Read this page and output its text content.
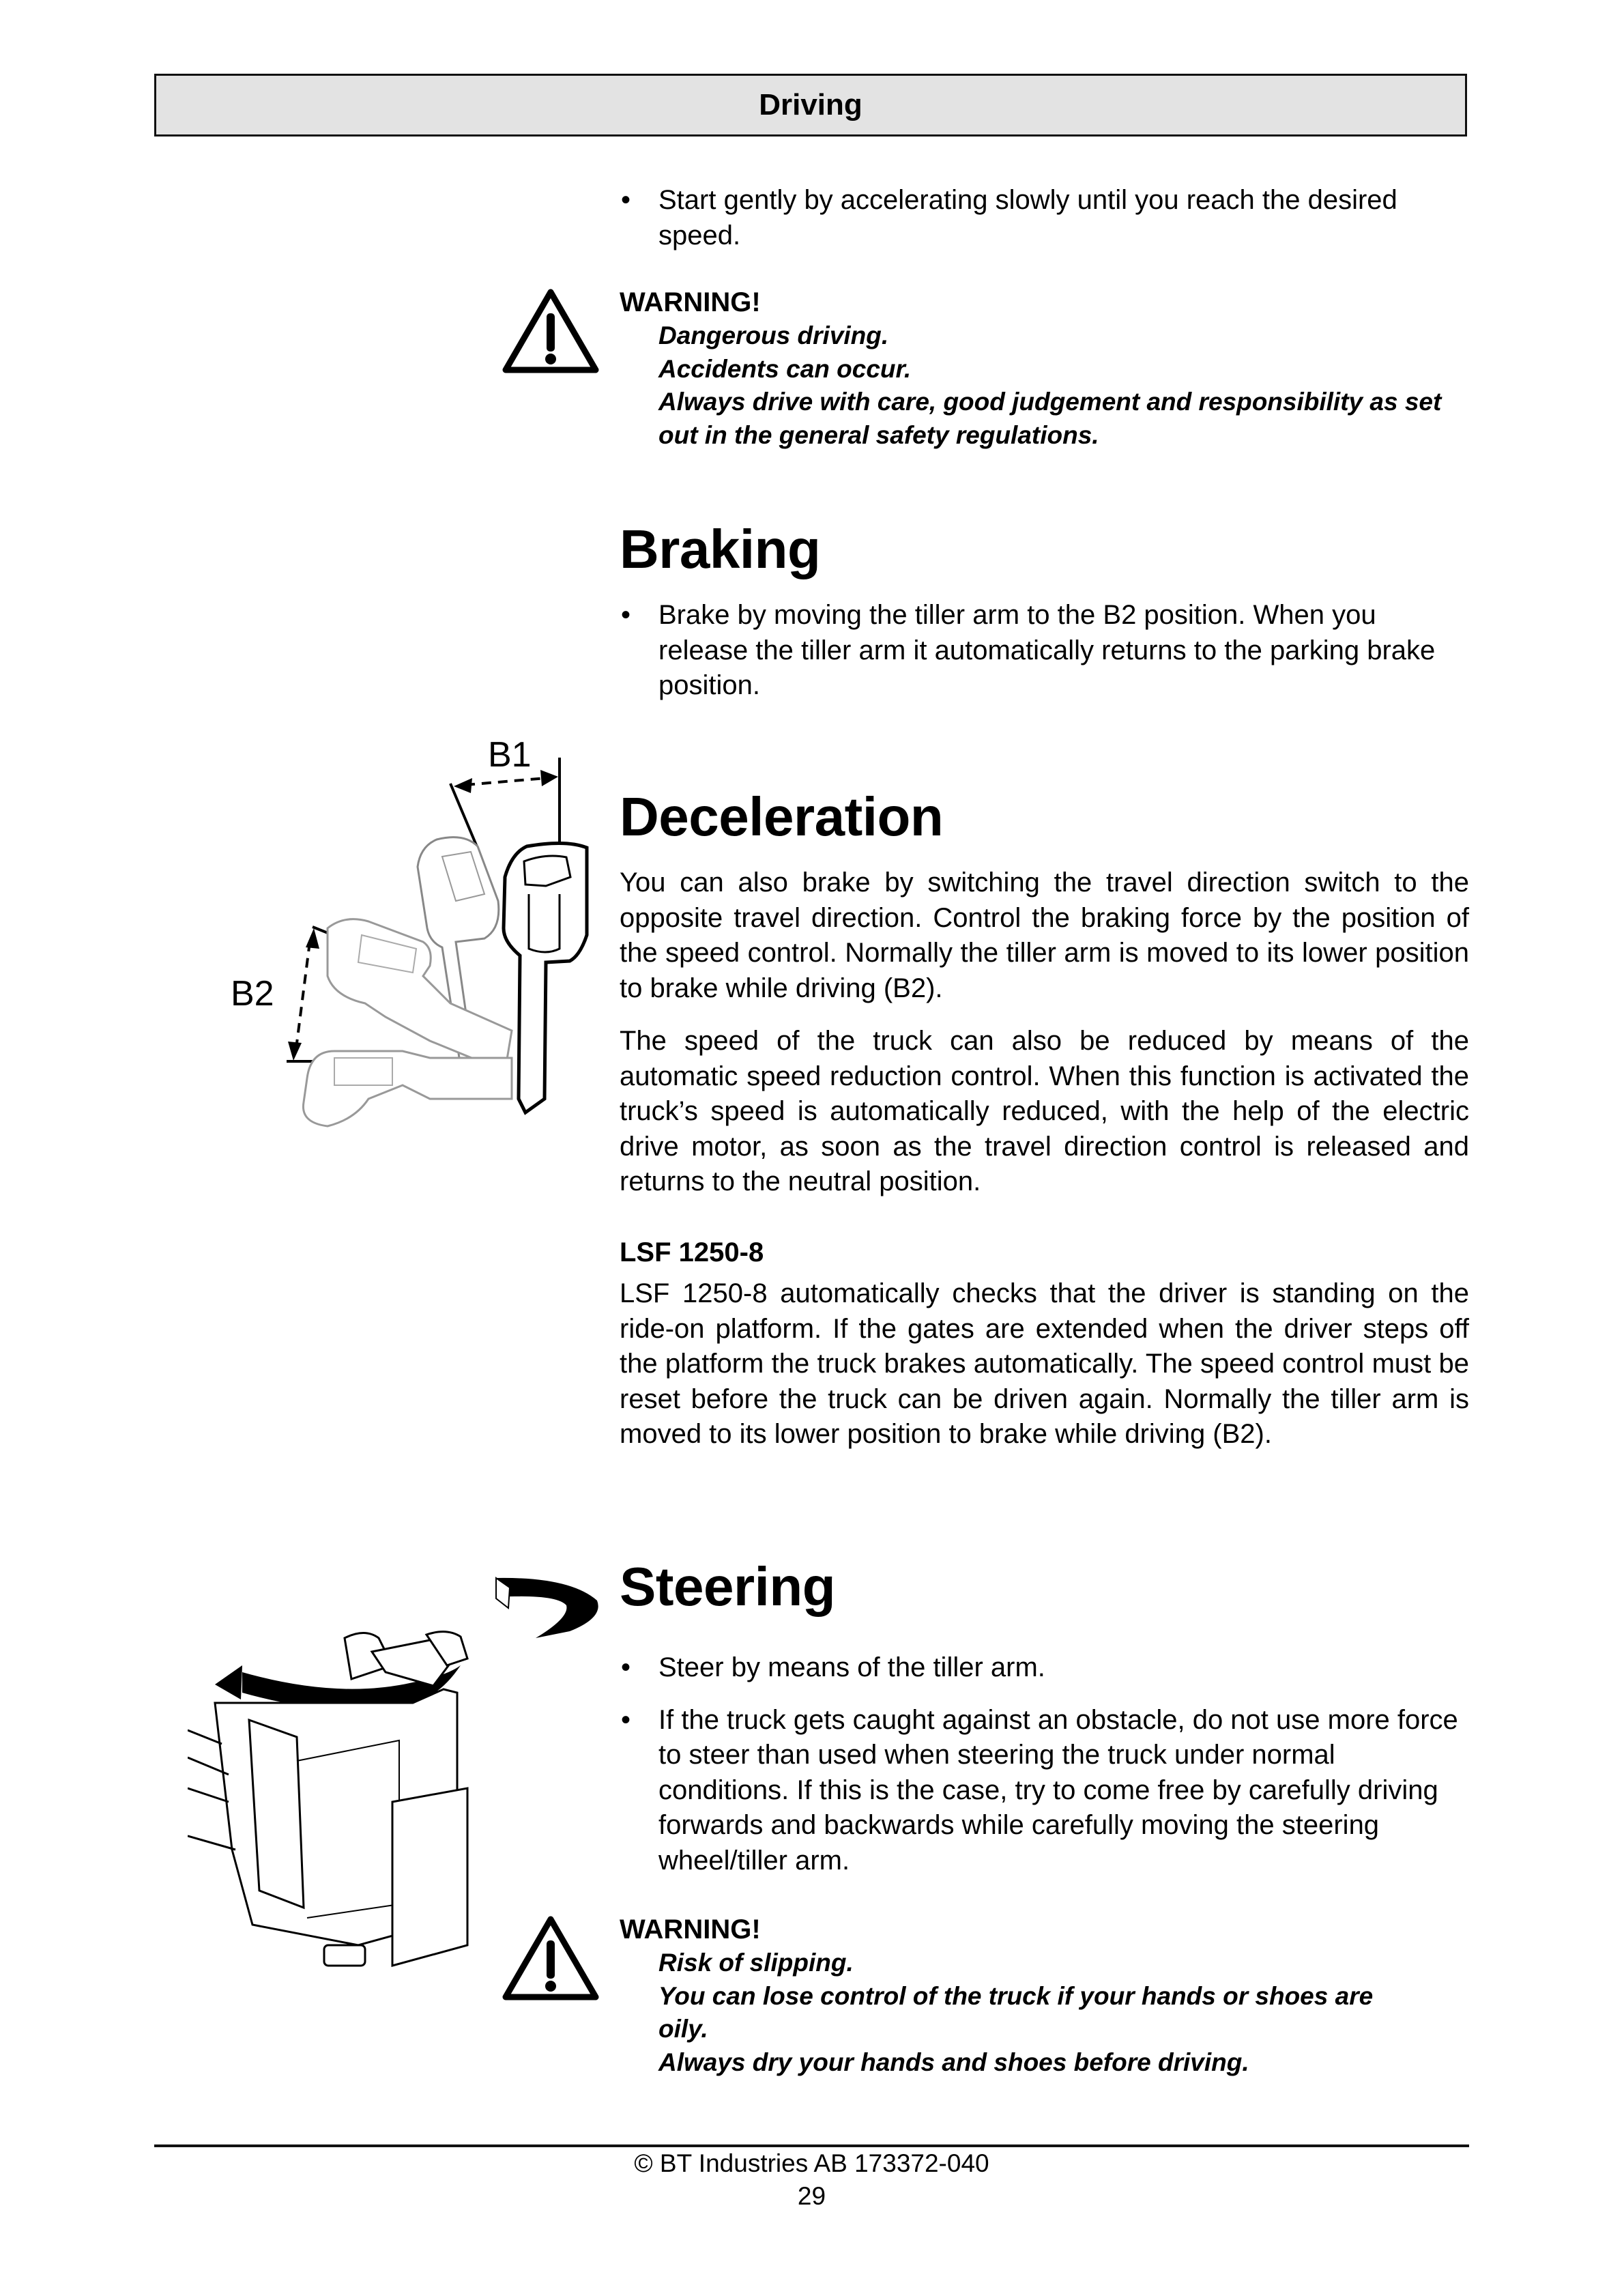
Driving
• Start gently by accelerating slowly until you reach the desired speed.
WARNING!
Dangerous driving.
Accidents can occur.
Always drive with care, good judgement and responsibility as set out in the general safety regulations.
Braking
• Brake by moving the tiller arm to the B2 position. When you release the tiller arm it automatically returns to the parking brake position.
B1
B2
Deceleration
You can also brake by switching the travel direction switch to the opposite travel direction. Control the braking force by the position of the speed control. Normally the tiller arm is moved to its lower position to brake while driving (B2).
The speed of the truck can also be reduced by means of the automatic speed reduction control. When this function is activated the truck’s speed is automatically reduced, with the help of the electric drive motor, as soon as the travel direction control is released and returns to the neutral position.
LSF 1250-8
LSF 1250-8 automatically checks that the driver is standing on the ride-on platform. If the gates are extended when the driver steps off the platform the truck brakes automatically. The speed control must be reset before the truck can be driven again. Normally the tiller arm is moved to its lower position to brake while driving (B2).
Steering
• Steer by means of the tiller arm.
• If the truck gets caught against an obstacle, do not use more force to steer than used when steering the truck under normal conditions. If this is the case, try to come free by carefully driving forwards and backwards while carefully moving the steering wheel/tiller arm.
WARNING!
Risk of slipping.
You can lose control of the truck if your hands or shoes are oily.
Always dry your hands and shoes before driving.
© BT Industries AB 173372-040
29
